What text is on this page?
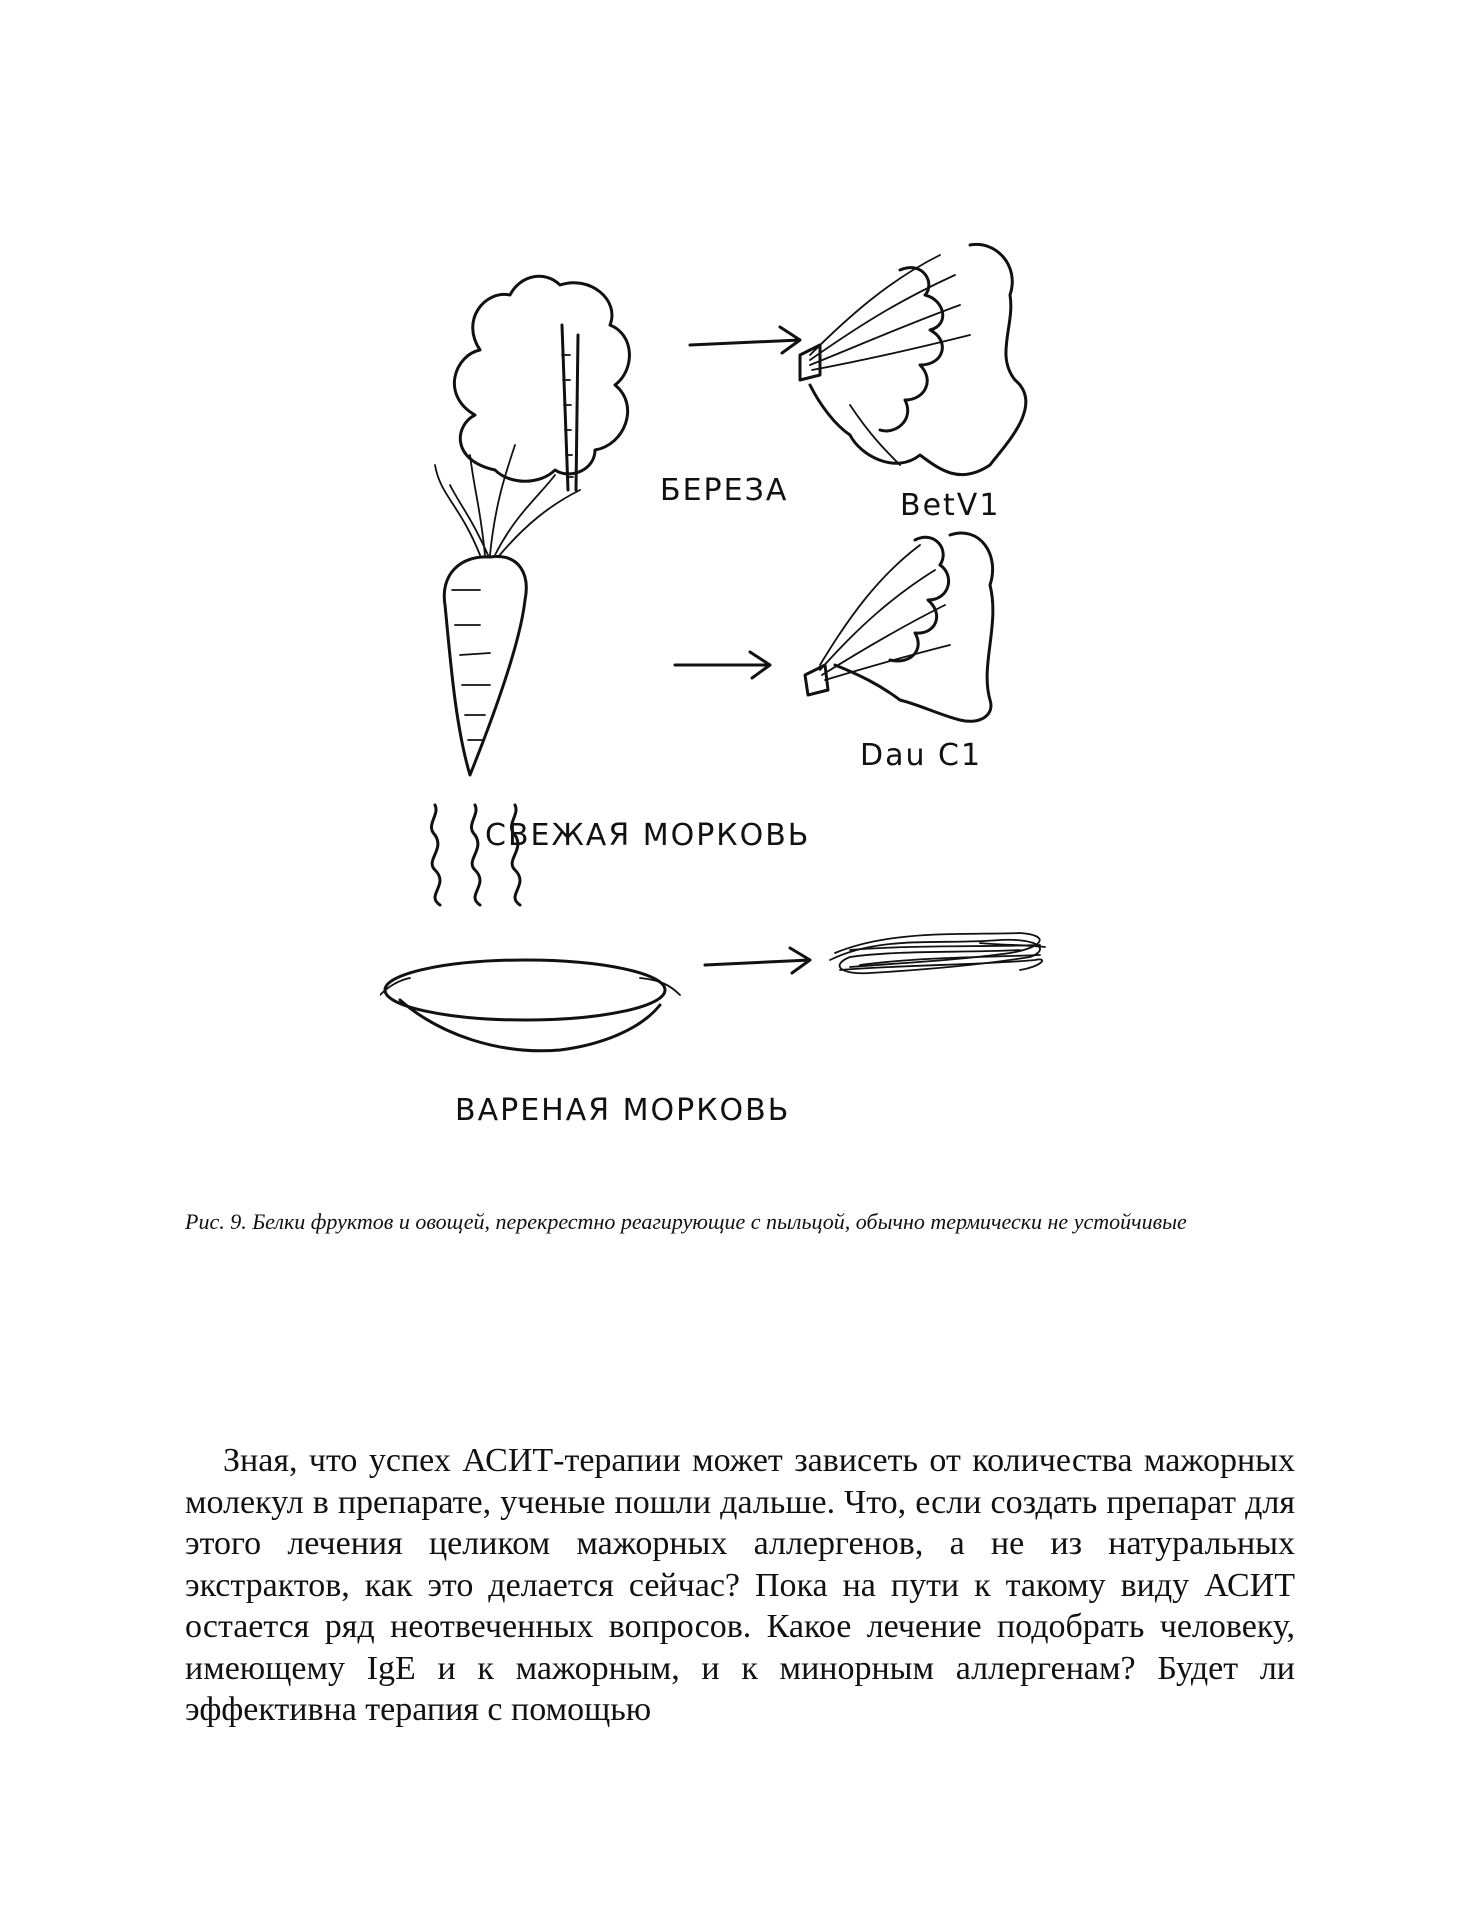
БЕРЕЗА	BetV1
СВЕЖАЯ МОРКОВЬ
Dau C1
ВАРЕНАЯ МОРКОВЬ
Рис. 9. Белки фруктов и овощей, перекрестно реагирующие с пыльцой, обычно термически не устойчивые

Зная, что успех АСИТ-терапии может зависеть от количества мажорных молекул в препарате, ученые пошли дальше. Что, если создать препарат для этого лечения целиком мажорных аллергенов, а не из натуральных экстрактов, как это делается сейчас? Пока на пути к такому виду АСИТ остается ряд неотвеченных вопросов. Какое лечение подобрать человеку, имеющему IgE и к мажорным, и к минорным аллергенам? Будет ли эффективна терапия с помощью
